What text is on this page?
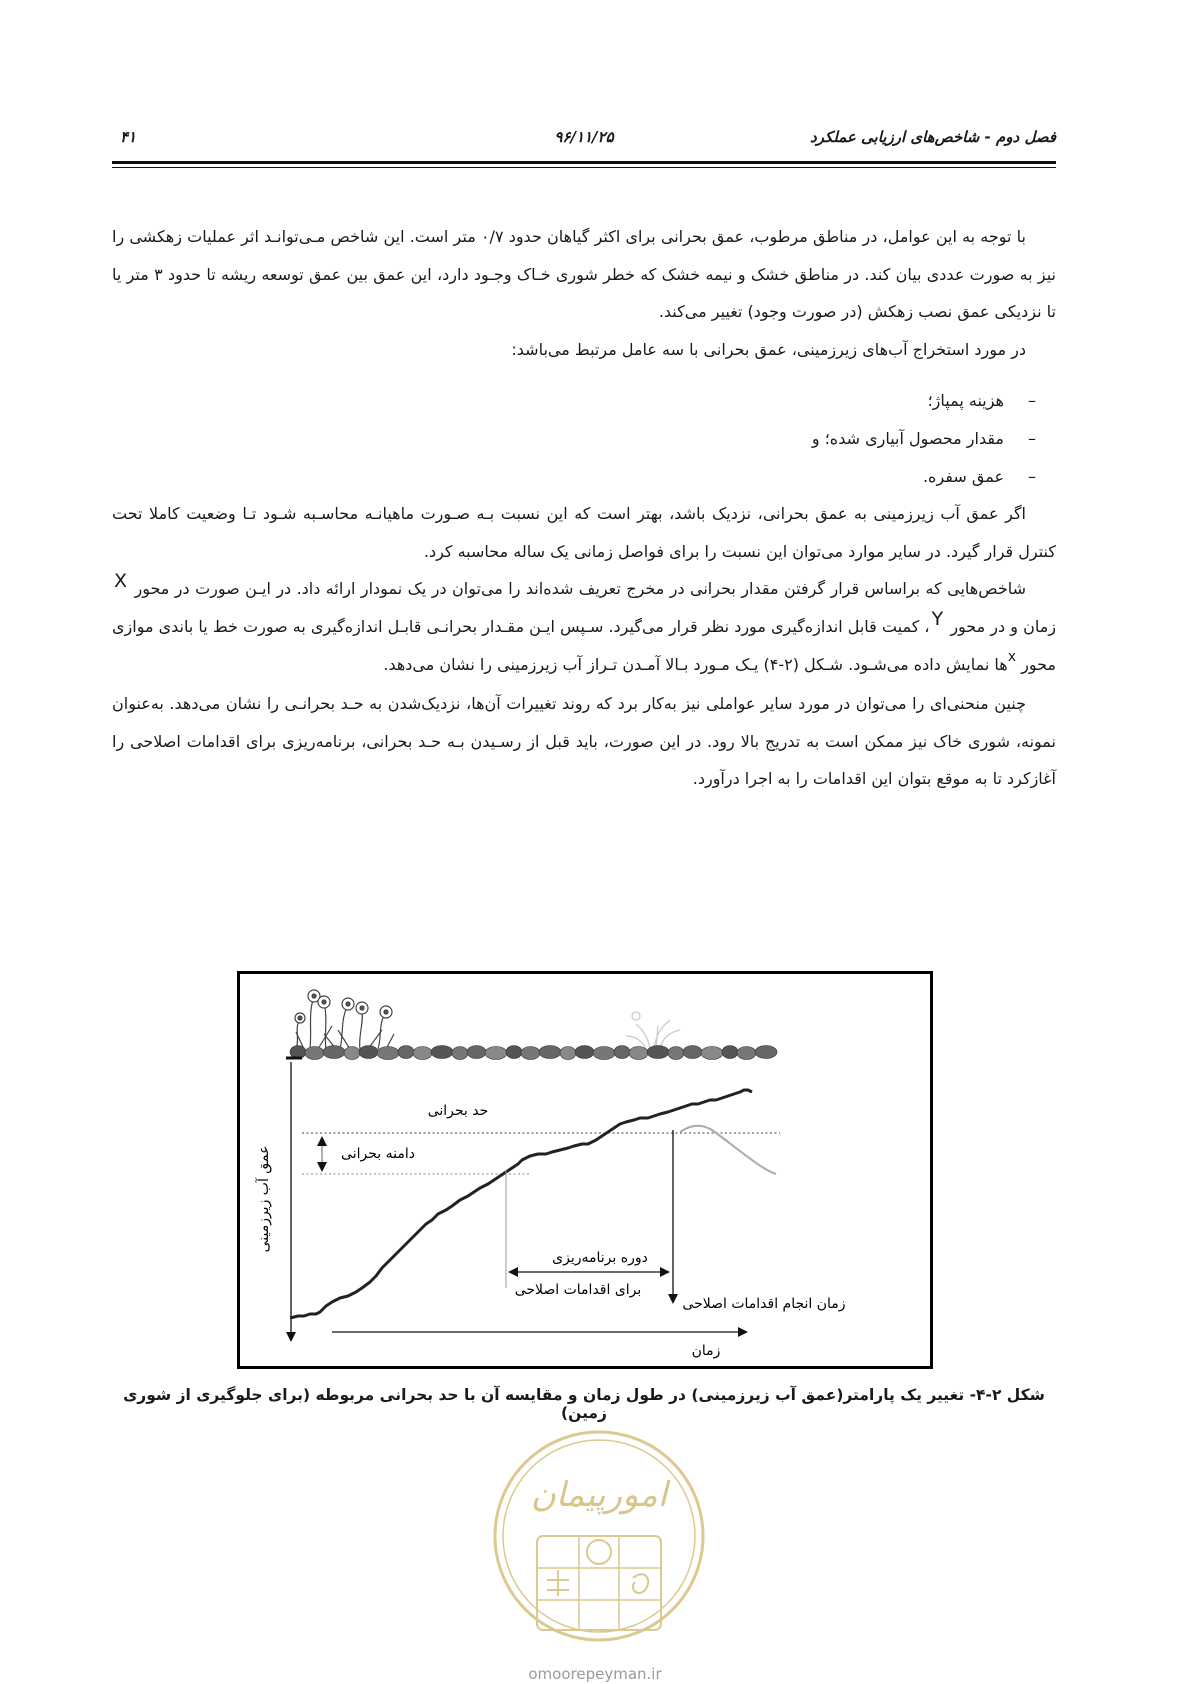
۴۱	۹۶/۱۱/۲۵	فصل دوم - شاخص‌های ارزیابی عملکرد

با توجه به این عوامل، در مناطق مرطوب، عمق بحرانی برای اکثر گیاهان حدود ۰/۷ متر است. این شاخص مـی‌توانـد اثر عملیات زهکشی را نیز به صورت عددی بیان کند. در مناطق خشک و نیمه خشک که خطر شوری خـاک وجـود دارد، این عمق بین عمق توسعه ریشه تا حدود ۳ متر یا تا نزدیکی عمق نصب زهکش (در صورت وجود) تغییر می‌کند.

در مورد استخراج آب‌های زیرزمینی، عمق بحرانی با سه عامل مرتبط می‌باشد:

–هزینه پمپاژ؛
–مقدار محصول آبیاری شده؛ و
–عمق سفره.

اگر عمق آب زیرزمینی به عمق بحرانی، نزدیک باشد، بهتر است که این نسبت بـه صـورت ماهیانـه محاسـبه شـود تـا وضعیت کاملا تحت کنترل قرار گیرد. در سایر موارد می‌توان این نسبت را برای فواصل زمانی یک ساله محاسبه کرد.

شاخص‌هایی که براساس قرار گرفتن مقدار بحرانی در مخرج تعریف شده‌اند را می‌توان در یک نمودار ارائه داد. در ایـن صورت در محور X زمان و در محور Y، کمیت قابل اندازه‌گیری مورد نظر قرار می‌گیرد. سـپس ایـن مقـدار بحرانـی قابـل اندازه‌گیری به صورت خط یا باندی موازی محور xها نمایش داده می‌شـود. شـکل (۲-۴) یـک مـورد بـالا آمـدن تـراز آب زیرزمینی را نشان می‌دهد.

چنین منحنی‌ای را می‌توان در مورد سایر عواملی نیز به‌کار برد که روند تغییرات آن‌ها، نزدیک‌شدن به حـد بحرانـی را نشان می‌دهد. به‌عنوان نمونه، شوری خاک نیز ممکن است به تدریج بالا رود. در این صورت، باید قبل از رسـیدن بـه حـد بحرانی، برنامه‌ریزی برای اقدامات اصلاحی را آغازکرد تا به موقع بتوان این اقدامات را به اجرا درآورد.

عمق آب زیرزمینی
زمان
حد بحرانی
دامنه بحرانی
دوره برنامه‌ریزی
برای اقدامات اصلاحی
زمان انجام اقدامات اصلاحی
شکل ۲-۴- تغییر یک پارامتر(عمق آب زیرزمینی) در طول زمان و مقایسه آن با حد بحرانی مربوطه (برای جلوگیری از شوری زمین)
امورپیمان
omoorepeyman.ir
